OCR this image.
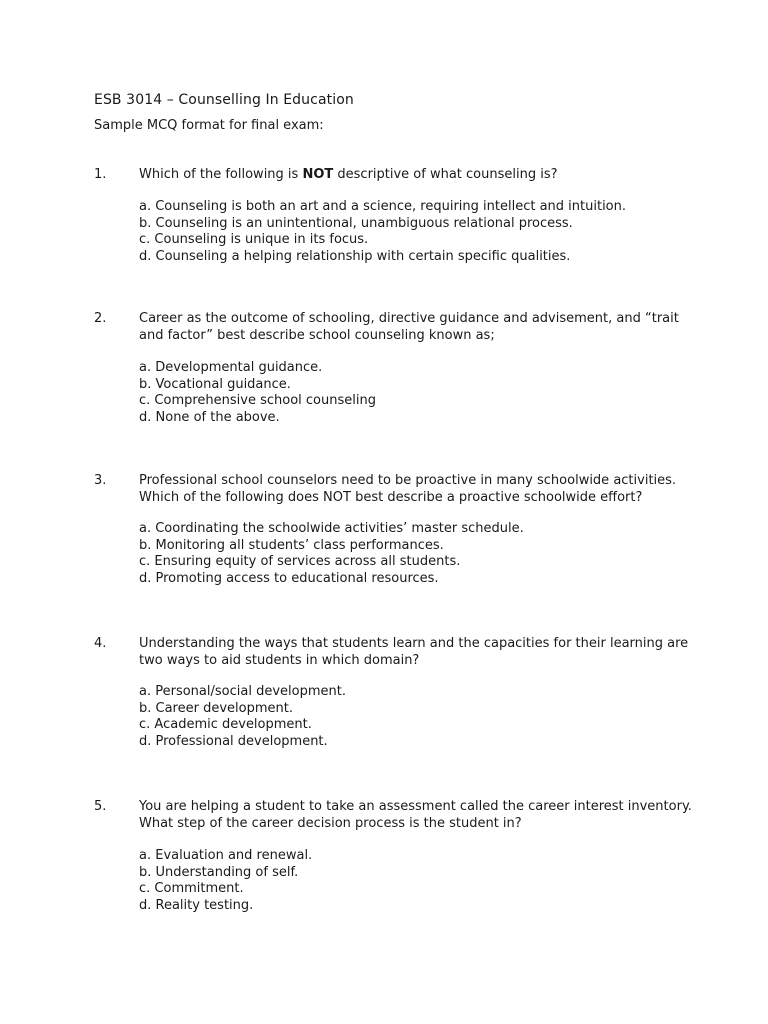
ESB 3014 – Counselling In Education
Sample MCQ format for final exam:
1.	Which of the following is NOT descriptive of what counseling is?
a. Counseling is both an art and a science, requiring intellect and intuition.
b. Counseling is an unintentional, unambiguous relational process.
c. Counseling is unique in its focus.
d. Counseling a helping relationship with certain specific qualities.
2.	Career as the outcome of schooling, directive guidance and advisement, and “trait
and factor” best describe school counseling known as;
a. Developmental guidance.
b. Vocational guidance.
c. Comprehensive school counseling
d. None of the above.
3.	Professional school counselors need to be proactive in many schoolwide activities.
Which of the following does NOT best describe a proactive schoolwide effort?
a. Coordinating the schoolwide activities’ master schedule.
b. Monitoring all students’ class performances.
c. Ensuring equity of services across all students.
d. Promoting access to educational resources.
4.	Understanding the ways that students learn and the capacities for their learning are
two ways to aid students in which domain?
a. Personal/social development.
b. Career development.
c. Academic development.
d. Professional development.
5.	You are helping a student to take an assessment called the career interest inventory.
What step of the career decision process is the student in?
a. Evaluation and renewal.
b. Understanding of self.
c. Commitment.
d. Reality testing.
